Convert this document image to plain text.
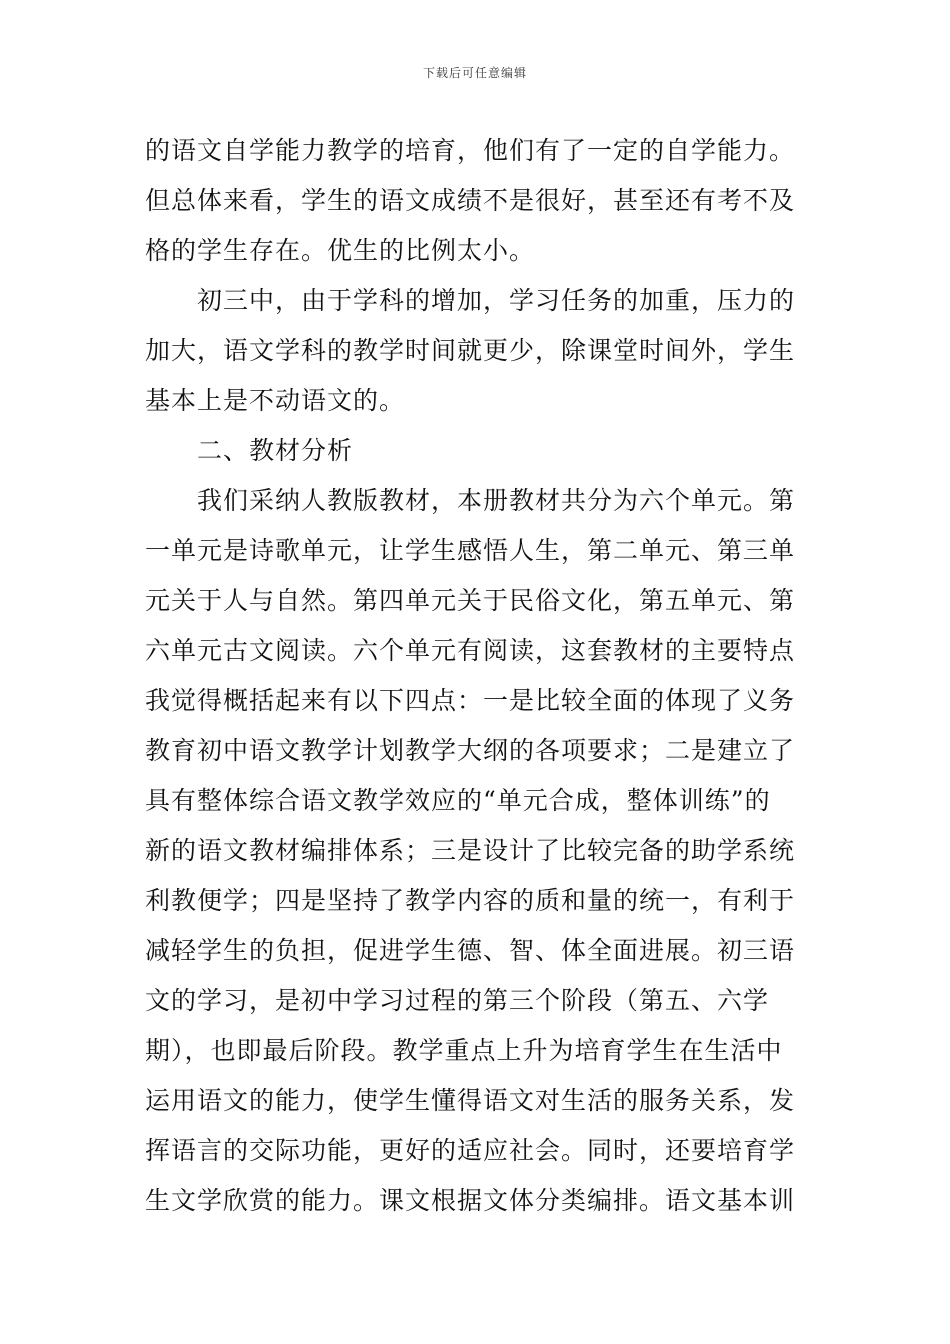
下载后可任意编辑
的语文自学能力教学的培育，他们有了一定的自学能力。
但总体来看，学生的语文成绩不是很好，甚至还有考不及
格的学生存在。优生的比例太小。
初三中，由于学科的增加，学习任务的加重，压力的
加大，语文学科的教学时间就更少，除课堂时间外，学生
基本上是不动语文的。
二、教材分析
我们采纳人教版教材，本册教材共分为六个单元。第
一单元是诗歌单元，让学生感悟人生，第二单元、第三单
元关于人与自然。第四单元关于民俗文化，第五单元、第
六单元古文阅读。六个单元有阅读，这套教材的主要特点
我觉得概括起来有以下四点：一是比较全面的体现了义务
教育初中语文教学计划教学大纲的各项要求；二是建立了
具有整体综合语文教学效应的“单元合成，整体训练”的
新的语文教材编排体系；三是设计了比较完备的助学系统
利教便学；四是坚持了教学内容的质和量的统一，有利于
减轻学生的负担，促进学生德、智、体全面进展。初三语
文的学习，是初中学习过程的第三个阶段（第五、六学
期），也即最后阶段。教学重点上升为培育学生在生活中
运用语文的能力，使学生懂得语文对生活的服务关系，发
挥语言的交际功能，更好的适应社会。同时，还要培育学
生文学欣赏的能力。课文根据文体分类编排。语文基本训
